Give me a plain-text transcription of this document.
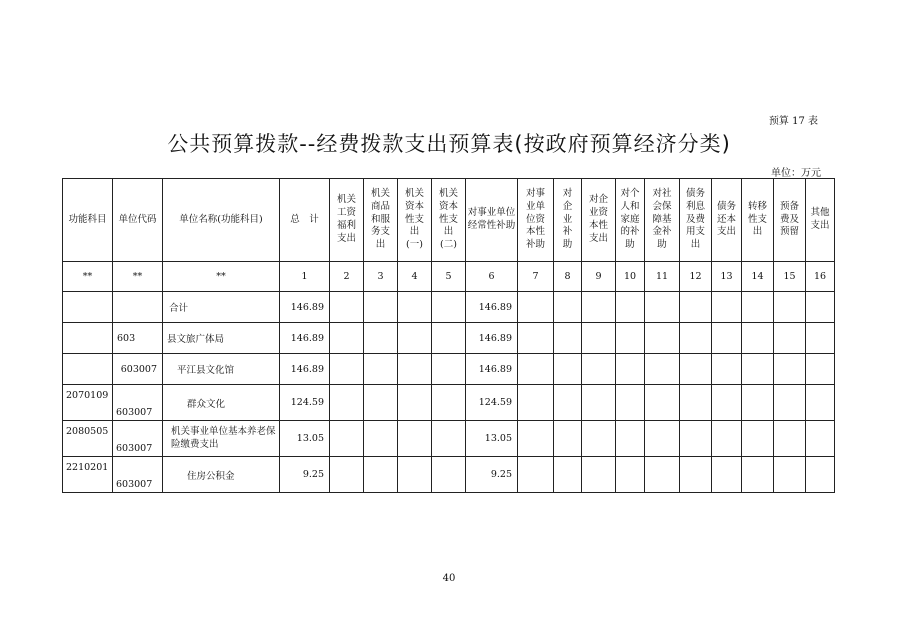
预算 17 表
公共预算拨款--经费拨款支出预算表(按政府预算经济分类)
单位：万元
功能科目	单位代码	单位名称(功能科目)	总　计	机关工资福利支出	机关商品和服务支出	机关资本性支出(一)	机关资本性支出(二)	对事业单位经常性补助	对事业单位资本性补助	对企业补助	对企业资本性支出	对个人和家庭的补助	对社会保障基金补助	债务利息及费用支出	债务还本支出	转移性支出	预备费及预留	其他支出
**	**	**	1	2	3	4	5	6	7	8	9	10	11	12	13	14	15	16
		合计	146.89					146.89										
	603	县文旅广体局	146.89					146.89										
	603007	平江县文化馆	146.89					146.89										
2070109	603007	群众文化	124.59					124.59										
2080505	603007	机关事业单位基本养老保险缴费支出	13.05					13.05										
2210201	603007	住房公积金	9.25					9.25										
40
